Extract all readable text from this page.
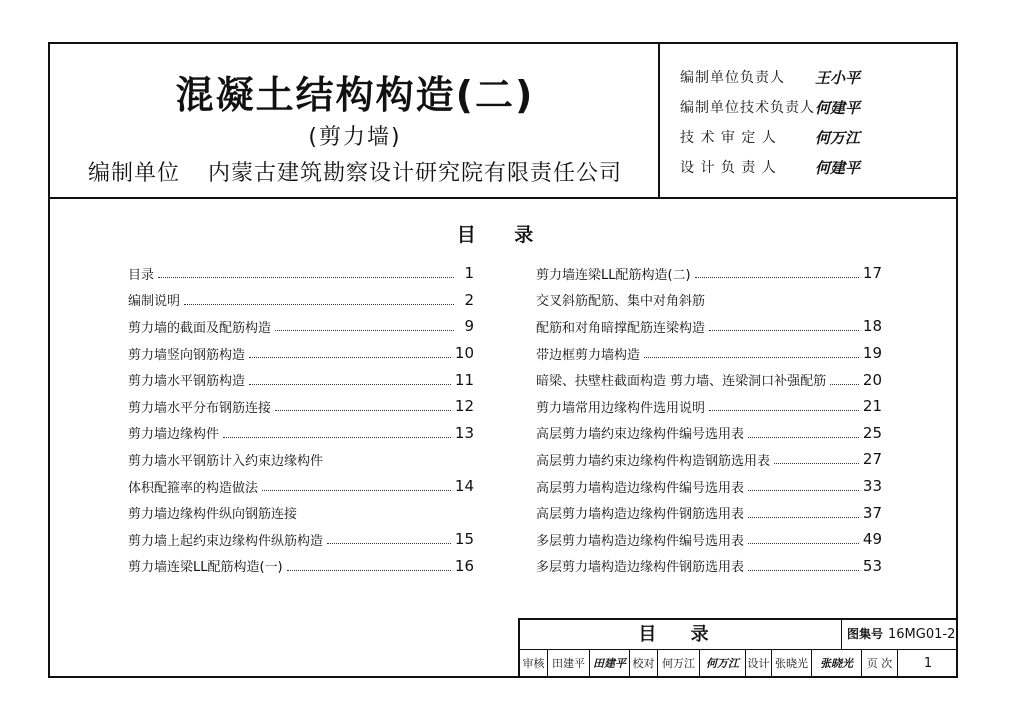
混凝土结构构造(二)
(剪力墙)
编制单位 内蒙古建筑勘察设计研究院有限责任公司
编制单位负责人	王小平
编制单位技术负责人 何建平
技 术 审 定 人	何万江
设 计 负 责 人	何建平
目 录
目录	1
编制说明	2
剪力墙的截面及配筋构造	9
剪力墙竖向钢筋构造	10
剪力墙水平钢筋构造	11
剪力墙水平分布钢筋连接	12
剪力墙边缘构件	13
剪力墙水平钢筋计入约束边缘构件
体积配箍率的构造做法	14
剪力墙边缘构件纵向钢筋连接
剪力墙上起约束边缘构件纵筋构造	15
剪力墙连梁LL配筋构造(一)	16
剪力墙连梁LL配筋构造(二)	17
交叉斜筋配筋、集中对角斜筋
配筋和对角暗撑配筋连梁构造	18
带边框剪力墙构造	19
暗梁、扶壁柱截面构造 剪力墙、连梁洞口补强配筋 20
剪力墙常用边缘构件选用说明	21
高层剪力墙约束边缘构件编号选用表	25
高层剪力墙约束边缘构件构造钢筋选用表	27
高层剪力墙构造边缘构件编号选用表	33
高层剪力墙构造边缘构件钢筋选用表	37
多层剪力墙构造边缘构件编号选用表	49
多层剪力墙构造边缘构件钢筋选用表	53
目 录	图集号 16MG01-2
审核 田建平 田建平 校对 何万江	何万江 设计 张晓光	张晓光	页 次	1
